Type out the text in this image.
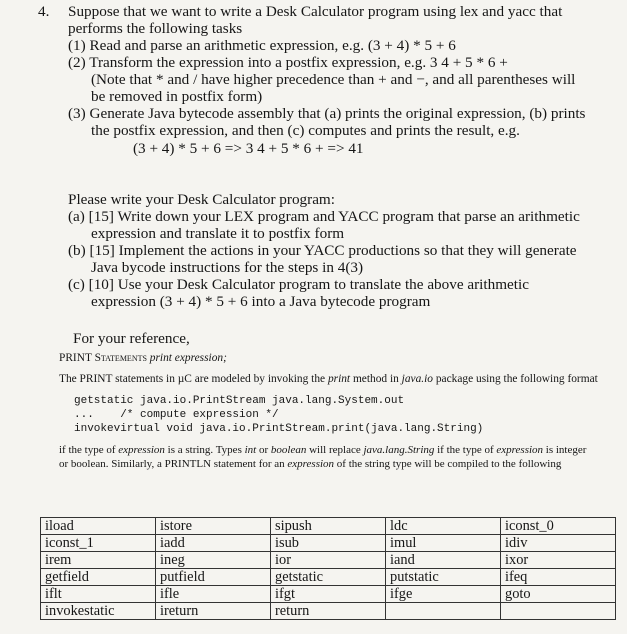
4. Suppose that we want to write a Desk Calculator program using lex and yacc that
performs the following tasks
(1) Read and parse an arithmetic expression, e.g. (3 + 4) * 5 + 6
(2) Transform the expression into a postfix expression, e.g. 3 4 + 5 * 6 +
(Note that * and / have higher precedence than + and −, and all parentheses will
be removed in postfix form)
(3) Generate Java bytecode assembly that (a) prints the original expression, (b) prints
the postfix expression, and then (c) computes and prints the result, e.g.
(3 + 4) * 5 + 6 => 3 4 + 5 * 6 + => 41
Please write your Desk Calculator program:
(a) [15] Write down your LEX program and YACC program that parse an arithmetic
expression and translate it to postfix form
(b) [15] Implement the actions in your YACC productions so that they will generate
Java bycode instructions for the steps in 4(3)
(c) [10] Use your Desk Calculator program to translate the above arithmetic
expression (3 + 4) * 5 + 6 into a Java bytecode program
For your reference,
PRINT Statements print expression;
The PRINT statements in µC are modeled by invoking the print method in java.io package using the following format
getstatic java.io.PrintStream java.lang.System.out
...    /* compute expression */
invokevirtual void java.io.PrintStream.print(java.lang.String)
if the type of expression is a string. Types int or boolean will replace java.lang.String if the type of expression is integer
or boolean. Similarly, a PRINTLN statement for an expression of the string type will be compiled to the following
iload	istore	sipush	ldc	iconst_0
iconst_1	iadd	isub	imul	idiv
irem	ineg	ior	iand	ixor
getfield	putfield	getstatic	putstatic	ifeq
iflt	ifle	ifgt	ifge	goto
invokestatic	ireturn	return		
